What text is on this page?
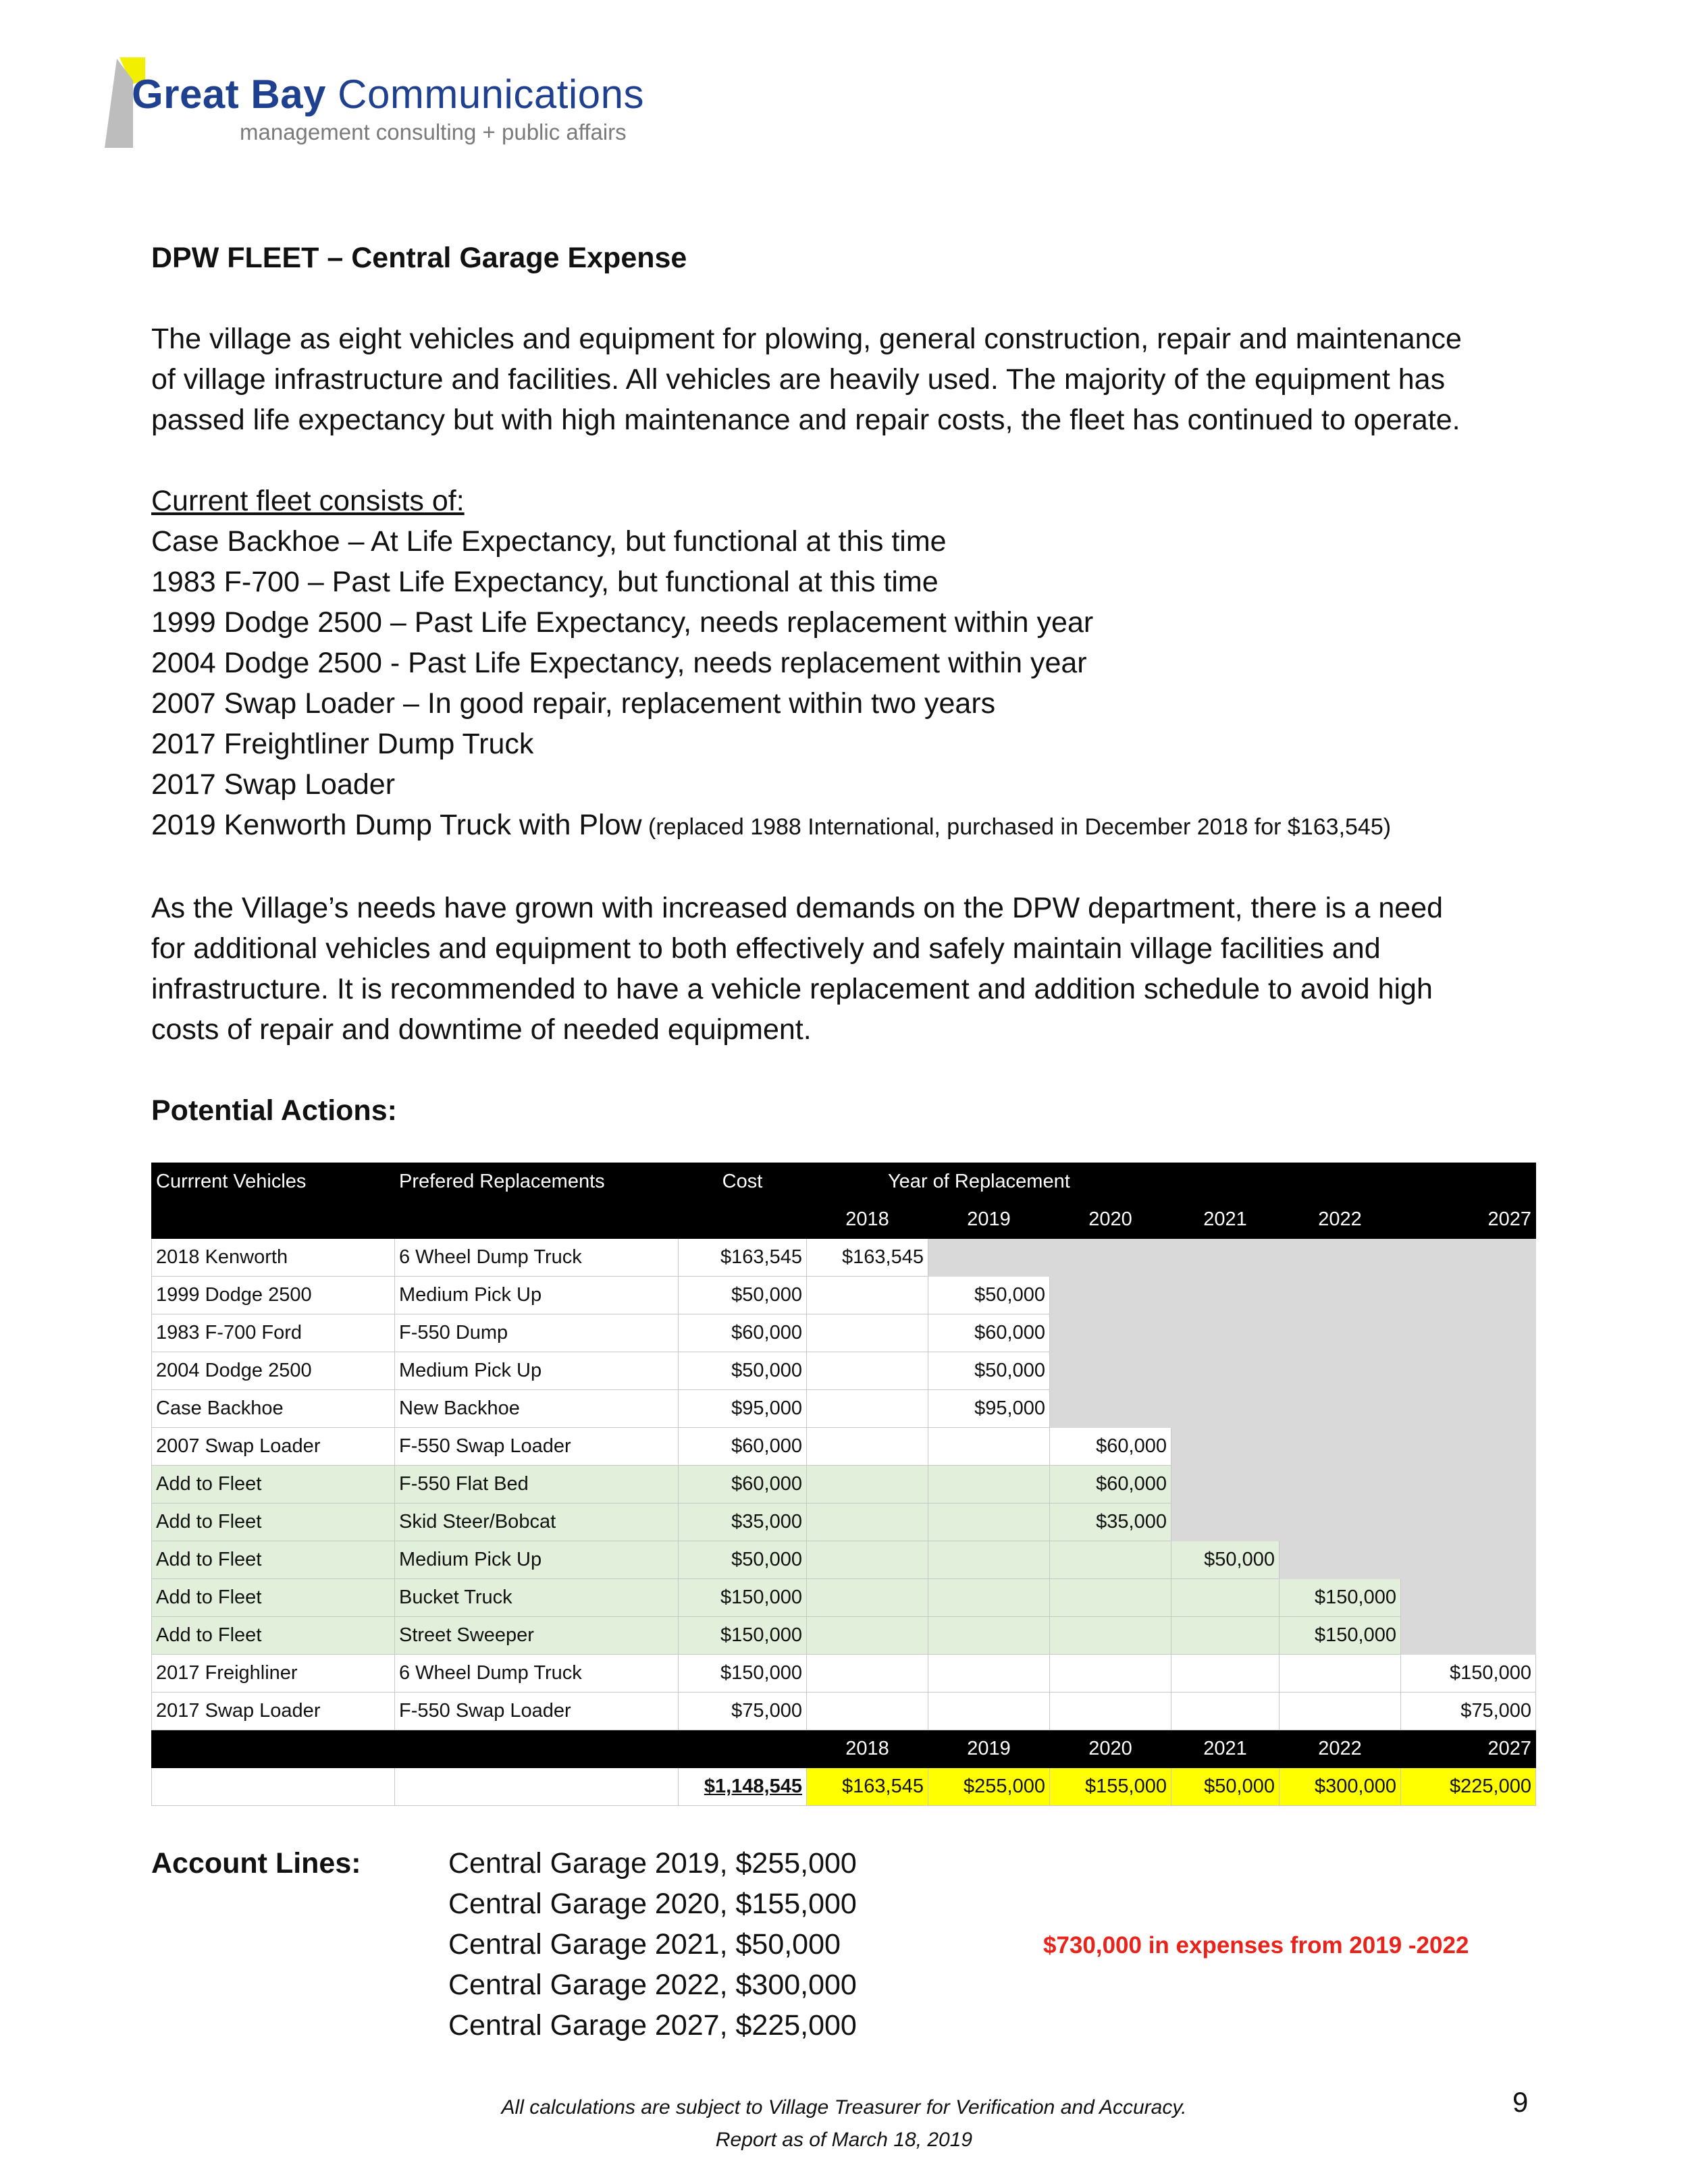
Great Bay Communications
management consulting + public affairs

DPW FLEET – Central Garage Expense

The village as eight vehicles and equipment for plowing, general construction, repair and maintenance

of village infrastructure and facilities. All vehicles are heavily used. The majority of the equipment has

passed life expectancy but with high maintenance and repair costs, the fleet has continued to operate.

Current fleet consists of:

Case Backhoe – At Life Expectancy, but functional at this time

1983 F-700 – Past Life Expectancy, but functional at this time

1999 Dodge 2500 – Past Life Expectancy, needs replacement within year

2004 Dodge 2500 - Past Life Expectancy, needs replacement within year

2007 Swap Loader – In good repair, replacement within two years

2017 Freightliner Dump Truck

2017 Swap Loader

2019 Kenworth Dump Truck with Plow (replaced 1988 International, purchased in December 2018 for $163,545)

As the Village’s needs have grown with increased demands on the DPW department, there is a need

for additional vehicles and equipment to both effectively and safely maintain village facilities and

infrastructure. It is recommended to have a vehicle replacement and addition schedule to avoid high

costs of repair and downtime of needed equipment.

Potential Actions:

Currrent Vehicles	Prefered Replacements	Cost	Year of Replacement					
			2018	2019	2020	2021	2022	2027
2018 Kenworth	6 Wheel Dump Truck	$163,545	$163,545					
1999 Dodge 2500	Medium Pick Up	$50,000		$50,000				
1983 F-700 Ford	F-550 Dump	$60,000		$60,000				
2004 Dodge 2500	Medium Pick Up	$50,000		$50,000				
Case Backhoe	New Backhoe	$95,000		$95,000				
2007 Swap Loader	F-550 Swap Loader	$60,000			$60,000			
Add to Fleet	F-550 Flat Bed	$60,000			$60,000			
Add to Fleet	Skid Steer/Bobcat	$35,000			$35,000			
Add to Fleet	Medium Pick Up	$50,000				$50,000		
Add to Fleet	Bucket Truck	$150,000					$150,000	
Add to Fleet	Street Sweeper	$150,000					$150,000	
2017 Freighliner	6 Wheel Dump Truck	$150,000						$150,000
2017 Swap Loader	F-550 Swap Loader	$75,000						$75,000
			2018	2019	2020	2021	2022	2027
		$1,148,545	$163,545	$255,000	$155,000	$50,000	$300,000	$225,000
Account Lines:	Central Garage 2019, $255,000
Central Garage 2020, $155,000
Central Garage 2021, $50,000
Central Garage 2022, $300,000
Central Garage 2027, $225,000
$730,000 in expenses from 2019 -2022
All calculations are subject to Village Treasurer for Verification and Accuracy.
Report as of March 18, 2019
9
